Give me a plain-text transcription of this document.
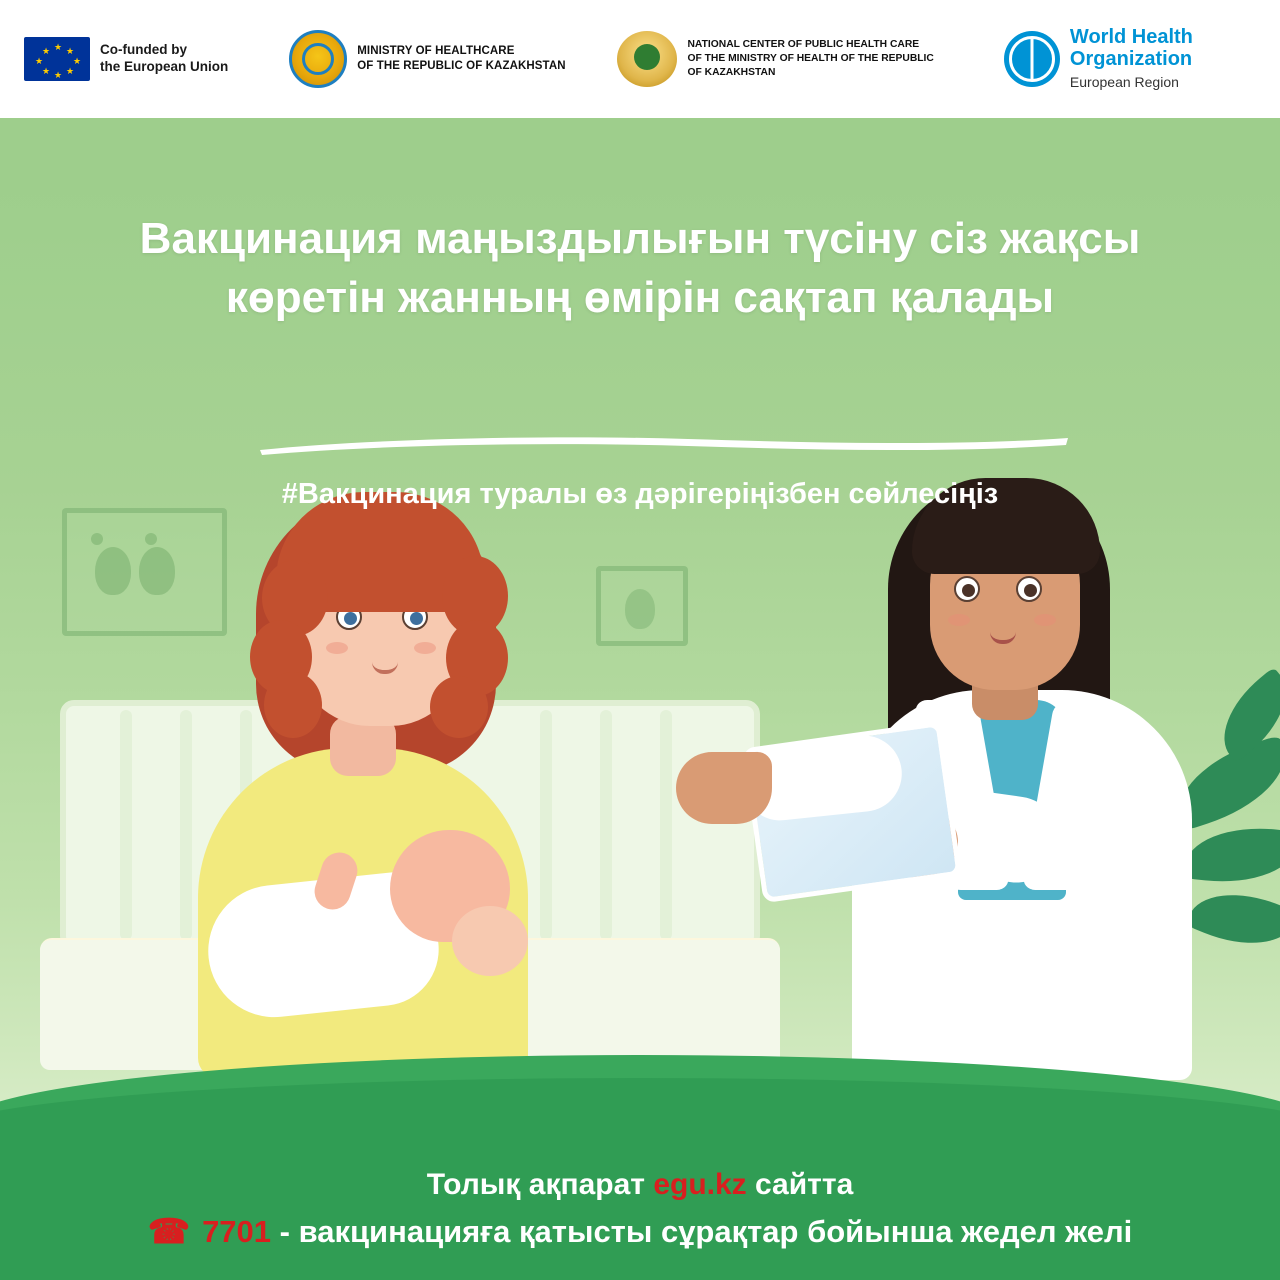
★ ★
★
★
★
★
★
★	Co-funded by
the European Union
MINISTRY OF HEALTHCARE
OF THE REPUBLIC OF KAZAKHSTAN
NATIONAL CENTER OF PUBLIC HEALTH CARE
OF THE MINISTRY OF HEALTH OF THE REPUBLIC
OF KAZAKHSTAN
World Health Organization
European Region
Вакцинация маңыздылығын түсіну сіз жақсы көретін жанның өмірін сақтап қалады
#Вакцинация туралы өз дәрігеріңізбен сөйлесіңіз
Толық ақпарат egu.kz сайтта
☎ 7701 - вакцинацияға қатысты сұрақтар бойынша жедел желі
